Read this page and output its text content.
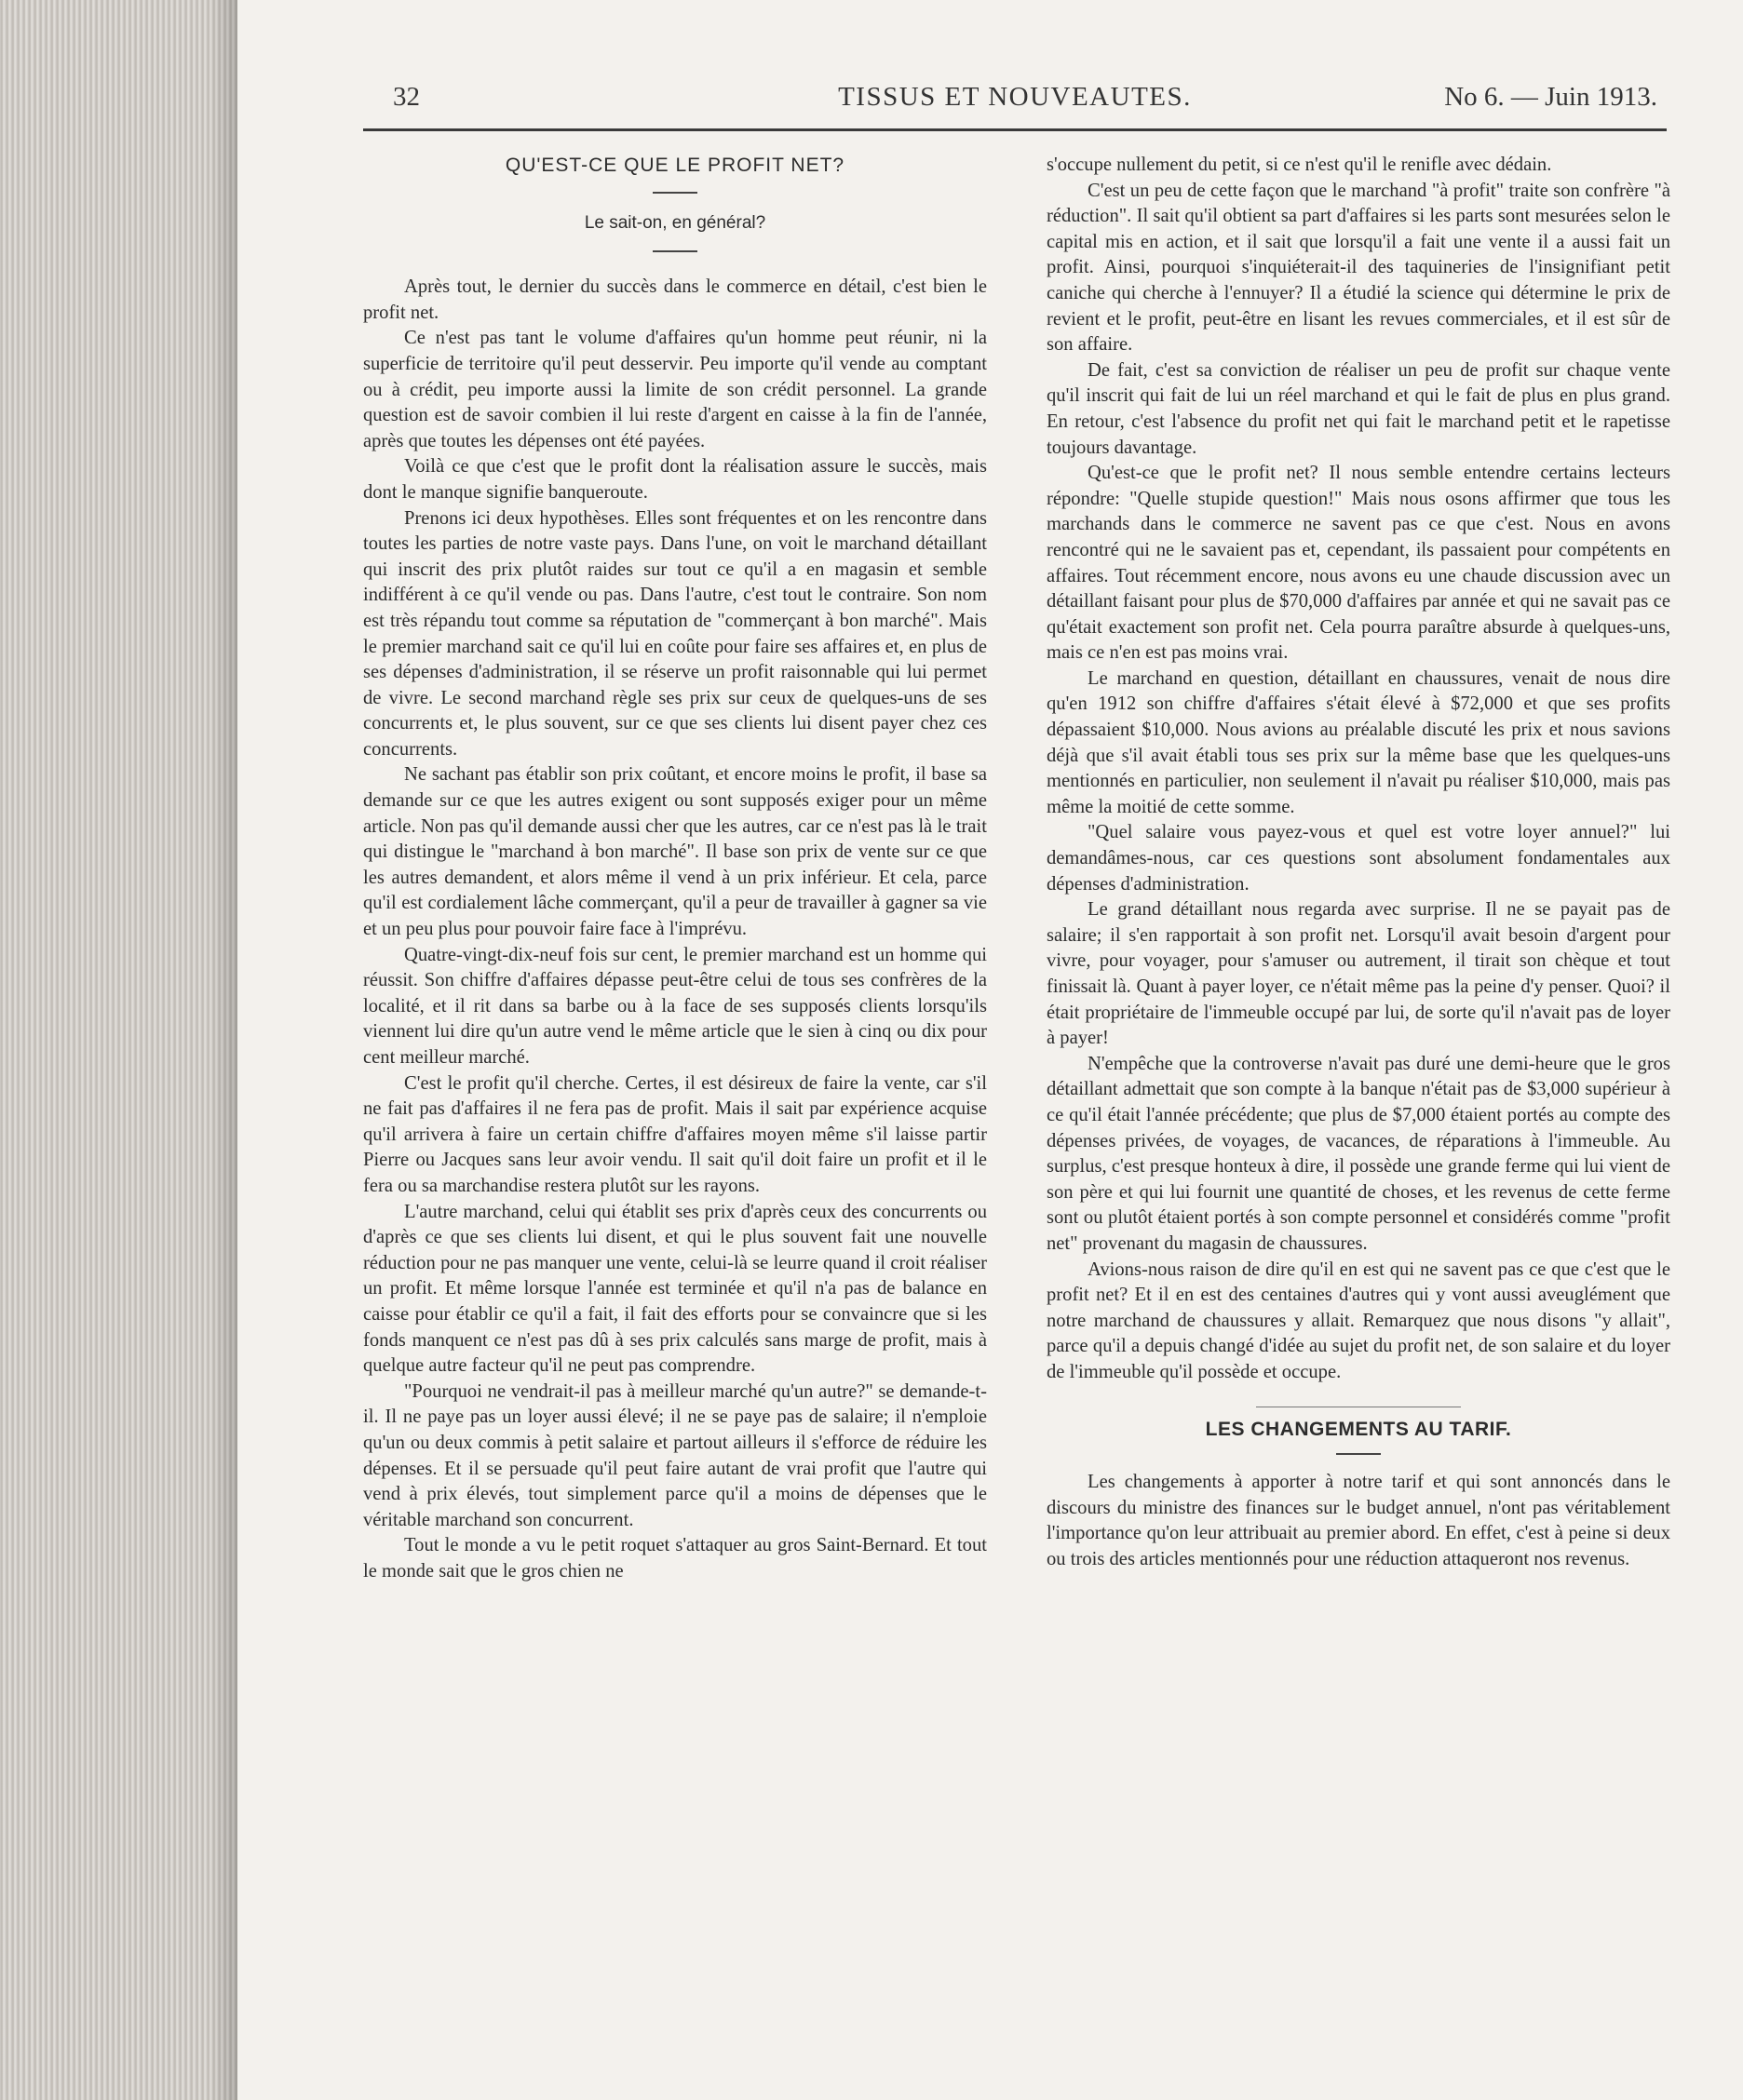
32	TISSUS ET NOUVEAUTES.	No 6. — Juin 1913.
QU'EST-CE QUE LE PROFIT NET?
Le sait-on, en général?

Après tout, le dernier du succès dans le commerce en détail, c'est bien le profit net.

Ce n'est pas tant le volume d'affaires qu'un homme peut réunir, ni la superficie de territoire qu'il peut desservir. Peu importe qu'il vende au comptant ou à crédit, peu importe aussi la limite de son crédit personnel. La grande question est de savoir combien il lui reste d'argent en caisse à la fin de l'année, après que toutes les dépenses ont été payées.

Voilà ce que c'est que le profit dont la réalisation assure le succès, mais dont le manque signifie banqueroute.

Prenons ici deux hypothèses. Elles sont fréquentes et on les rencontre dans toutes les parties de notre vaste pays. Dans l'une, on voit le marchand détaillant qui inscrit des prix plutôt raides sur tout ce qu'il a en magasin et semble indifférent à ce qu'il vende ou pas. Dans l'autre, c'est tout le contraire. Son nom est très répandu tout comme sa réputation de "commerçant à bon marché". Mais le premier marchand sait ce qu'il lui en coûte pour faire ses affaires et, en plus de ses dépenses d'administration, il se réserve un profit raisonnable qui lui permet de vivre. Le second marchand règle ses prix sur ceux de quelques-uns de ses concurrents et, le plus souvent, sur ce que ses clients lui disent payer chez ces concurrents.

Ne sachant pas établir son prix coûtant, et encore moins le profit, il base sa demande sur ce que les autres exigent ou sont supposés exiger pour un même article. Non pas qu'il demande aussi cher que les autres, car ce n'est pas là le trait qui distingue le "marchand à bon marché". Il base son prix de vente sur ce que les autres demandent, et alors même il vend à un prix inférieur. Et cela, parce qu'il est cordialement lâche commerçant, qu'il a peur de travailler à gagner sa vie et un peu plus pour pouvoir faire face à l'imprévu.

Quatre-vingt-dix-neuf fois sur cent, le premier marchand est un homme qui réussit. Son chiffre d'affaires dépasse peut-être celui de tous ses confrères de la localité, et il rit dans sa barbe ou à la face de ses supposés clients lorsqu'ils viennent lui dire qu'un autre vend le même article que le sien à cinq ou dix pour cent meilleur marché.

C'est le profit qu'il cherche. Certes, il est désireux de faire la vente, car s'il ne fait pas d'affaires il ne fera pas de profit. Mais il sait par expérience acquise qu'il arrivera à faire un certain chiffre d'affaires moyen même s'il laisse partir Pierre ou Jacques sans leur avoir vendu. Il sait qu'il doit faire un profit et il le fera ou sa marchandise restera plutôt sur les rayons.

L'autre marchand, celui qui établit ses prix d'après ceux des concurrents ou d'après ce que ses clients lui disent, et qui le plus souvent fait une nouvelle réduction pour ne pas manquer une vente, celui-là se leurre quand il croit réaliser un profit. Et même lorsque l'année est terminée et qu'il n'a pas de balance en caisse pour établir ce qu'il a fait, il fait des efforts pour se convaincre que si les fonds manquent ce n'est pas dû à ses prix calculés sans marge de profit, mais à quelque autre facteur qu'il ne peut pas comprendre.

"Pourquoi ne vendrait-il pas à meilleur marché qu'un autre?" se demande-t-il. Il ne paye pas un loyer aussi élevé; il ne se paye pas de salaire; il n'emploie qu'un ou deux commis à petit salaire et partout ailleurs il s'efforce de réduire les dépenses. Et il se persuade qu'il peut faire autant de vrai profit que l'autre qui vend à prix élevés, tout simplement parce qu'il a moins de dépenses que le véritable marchand son concurrent.

Tout le monde a vu le petit roquet s'attaquer au gros Saint-Bernard. Et tout le monde sait que le gros chien ne

s'occupe nullement du petit, si ce n'est qu'il le renifle avec dédain.

C'est un peu de cette façon que le marchand "à profit" traite son confrère "à réduction". Il sait qu'il obtient sa part d'affaires si les parts sont mesurées selon le capital mis en action, et il sait que lorsqu'il a fait une vente il a aussi fait un profit. Ainsi, pourquoi s'inquiéterait-il des taquineries de l'insignifiant petit caniche qui cherche à l'ennuyer? Il a étudié la science qui détermine le prix de revient et le profit, peut-être en lisant les revues commerciales, et il est sûr de son affaire.

De fait, c'est sa conviction de réaliser un peu de profit sur chaque vente qu'il inscrit qui fait de lui un réel marchand et qui le fait de plus en plus grand. En retour, c'est l'absence du profit net qui fait le marchand petit et le rapetisse toujours davantage.

Qu'est-ce que le profit net? Il nous semble entendre certains lecteurs répondre: "Quelle stupide question!" Mais nous osons affirmer que tous les marchands dans le commerce ne savent pas ce que c'est. Nous en avons rencontré qui ne le savaient pas et, cependant, ils passaient pour compétents en affaires. Tout récemment encore, nous avons eu une chaude discussion avec un détaillant faisant pour plus de $70,000 d'affaires par année et qui ne savait pas ce qu'était exactement son profit net. Cela pourra paraître absurde à quelques-uns, mais ce n'en est pas moins vrai.

Le marchand en question, détaillant en chaussures, venait de nous dire qu'en 1912 son chiffre d'affaires s'était élevé à $72,000 et que ses profits dépassaient $10,000. Nous avions au préalable discuté les prix et nous savions déjà que s'il avait établi tous ses prix sur la même base que les quelques-uns mentionnés en particulier, non seulement il n'avait pu réaliser $10,000, mais pas même la moitié de cette somme.

"Quel salaire vous payez-vous et quel est votre loyer annuel?" lui demandâmes-nous, car ces questions sont absolument fondamentales aux dépenses d'administration.

Le grand détaillant nous regarda avec surprise. Il ne se payait pas de salaire; il s'en rapportait à son profit net. Lorsqu'il avait besoin d'argent pour vivre, pour voyager, pour s'amuser ou autrement, il tirait son chèque et tout finissait là. Quant à payer loyer, ce n'était même pas la peine d'y penser. Quoi? il était propriétaire de l'immeuble occupé par lui, de sorte qu'il n'avait pas de loyer à payer!

N'empêche que la controverse n'avait pas duré une demi-heure que le gros détaillant admettait que son compte à la banque n'était pas de $3,000 supérieur à ce qu'il était l'année précédente; que plus de $7,000 étaient portés au compte des dépenses privées, de voyages, de vacances, de réparations à l'immeuble. Au surplus, c'est presque honteux à dire, il possède une grande ferme qui lui vient de son père et qui lui fournit une quantité de choses, et les revenus de cette ferme sont ou plutôt étaient portés à son compte personnel et considérés comme "profit net" provenant du magasin de chaussures.

Avions-nous raison de dire qu'il en est qui ne savent pas ce que c'est que le profit net? Et il en est des centaines d'autres qui y vont aussi aveuglément que notre marchand de chaussures y allait. Remarquez que nous disons "y allait", parce qu'il a depuis changé d'idée au sujet du profit net, de son salaire et du loyer de l'immeuble qu'il possède et occupe.

LES CHANGEMENTS AU TARIF.

Les changements à apporter à notre tarif et qui sont annoncés dans le discours du ministre des finances sur le budget annuel, n'ont pas véritablement l'importance qu'on leur attribuait au premier abord. En effet, c'est à peine si deux ou trois des articles mentionnés pour une réduction attaqueront nos revenus.
